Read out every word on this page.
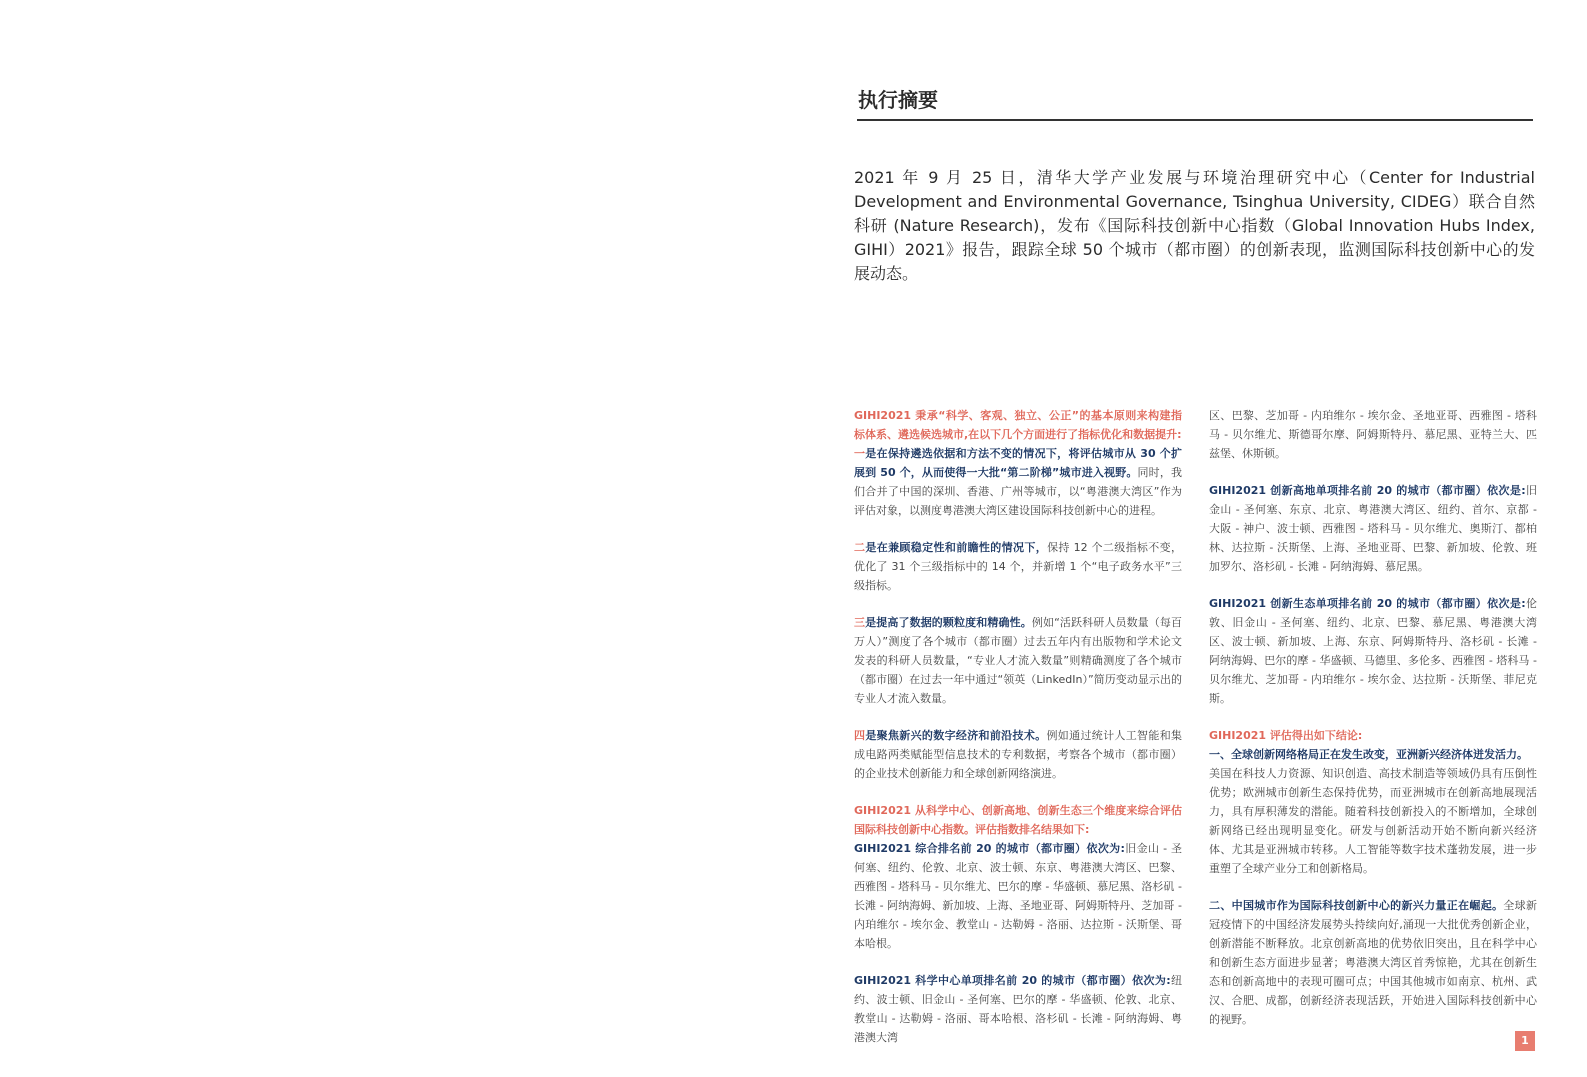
执行摘要

2021 年 9 月 25 日，清华大学产业发展与环境治理研究中心（Center for Industrial Development and Environmental Governance, Tsinghua University, CIDEG）联合自然科研 (Nature Research)，发布《国际科技创新中心指数（Global Innovation Hubs Index, GIHI）2021》报告，跟踪全球 50 个城市（都市圈）的创新表现，监测国际科技创新中心的发展动态。

GIHI2021 秉承“科学、客观、独立、公正”的基本原则来构建指标体系、遴选候选城市,在以下几个方面进行了指标优化和数据提升:
一是在保持遴选依据和方法不变的情况下，将评估城市从 30 个扩展到 50 个，从而使得一大批“第二阶梯”城市进入视野。同时，我们合并了中国的深圳、香港、广州等城市，以“粤港澳大湾区”作为评估对象，以测度粤港澳大湾区建设国际科技创新中心的进程。

二是在兼顾稳定性和前瞻性的情况下，保持 12 个二级指标不变，优化了 31 个三级指标中的 14 个，并新增 1 个“电子政务水平”三级指标。

三是提高了数据的颗粒度和精确性。例如“活跃科研人员数量（每百万人）”测度了各个城市（都市圈）过去五年内有出版物和学术论文发表的科研人员数量，“专业人才流入数量”则精确测度了各个城市（都市圈）在过去一年中通过“领英（LinkedIn）”简历变动显示出的专业人才流入数量。

四是聚焦新兴的数字经济和前沿技术。例如通过统计人工智能和集成电路两类赋能型信息技术的专利数据，考察各个城市（都市圈）的企业技术创新能力和全球创新网络演进。

GIHI2021 从科学中心、创新高地、创新生态三个维度来综合评估国际科技创新中心指数。评估指数排名结果如下:
GIHI2021 综合排名前 20 的城市（都市圈）依次为:旧金山 - 圣何塞、纽约、伦敦、北京、波士顿、东京、粤港澳大湾区、巴黎、西雅图 - 塔科马 - 贝尔维尤、巴尔的摩 - 华盛顿、慕尼黑、洛杉矶 - 长滩 - 阿纳海姆、新加坡、上海、圣地亚哥、阿姆斯特丹、芝加哥 - 内珀维尔 - 埃尔金、教堂山 - 达勒姆 - 洛丽、达拉斯 - 沃斯堡、哥本哈根。

GIHI2021 科学中心单项排名前 20 的城市（都市圈）依次为:纽约、波士顿、旧金山 - 圣何塞、巴尔的摩 - 华盛顿、伦敦、北京、教堂山 - 达勒姆 - 洛丽、哥本哈根、洛杉矶 - 长滩 - 阿纳海姆、粤港澳大湾

区、巴黎、芝加哥 - 内珀维尔 - 埃尔金、圣地亚哥、西雅图 - 塔科马 - 贝尔维尤、斯德哥尔摩、阿姆斯特丹、慕尼黑、亚特兰大、匹兹堡、休斯顿。

GIHI2021 创新高地单项排名前 20 的城市（都市圈）依次是:旧金山 - 圣何塞、东京、北京、粤港澳大湾区、纽约、首尔、京都 - 大阪 - 神户、波士顿、西雅图 - 塔科马 - 贝尔维尤、奥斯汀、都柏林、达拉斯 - 沃斯堡、上海、圣地亚哥、巴黎、新加坡、伦敦、班加罗尔、洛杉矶 - 长滩 - 阿纳海姆、慕尼黑。

GIHI2021 创新生态单项排名前 20 的城市（都市圈）依次是:伦敦、旧金山 - 圣何塞、纽约、北京、巴黎、慕尼黑、粤港澳大湾区、波士顿、新加坡、上海、东京、阿姆斯特丹、洛杉矶 - 长滩 - 阿纳海姆、巴尔的摩 - 华盛顿、马德里、多伦多、西雅图 - 塔科马 - 贝尔维尤、芝加哥 - 内珀维尔 - 埃尔金、达拉斯 - 沃斯堡、菲尼克斯。

GIHI2021 评估得出如下结论:
一、全球创新网络格局正在发生改变，亚洲新兴经济体迸发活力。
美国在科技人力资源、知识创造、高技术制造等领域仍具有压倒性优势；欧洲城市创新生态保持优势，而亚洲城市在创新高地展现活力，具有厚积薄发的潜能。随着科技创新投入的不断增加，全球创新网络已经出现明显变化。研发与创新活动开始不断向新兴经济体、尤其是亚洲城市转移。人工智能等数字技术蓬勃发展，进一步重塑了全球产业分工和创新格局。

二、中国城市作为国际科技创新中心的新兴力量正在崛起。全球新冠疫情下的中国经济发展势头持续向好,涌现一大批优秀创新企业，创新潜能不断释放。北京创新高地的优势依旧突出，且在科学中心和创新生态方面进步显著；粤港澳大湾区首秀惊艳，尤其在创新生态和创新高地中的表现可圈可点；中国其他城市如南京、杭州、武汉、合肥、成都，创新经济表现活跃，开始进入国际科技创新中心的视野。

1
